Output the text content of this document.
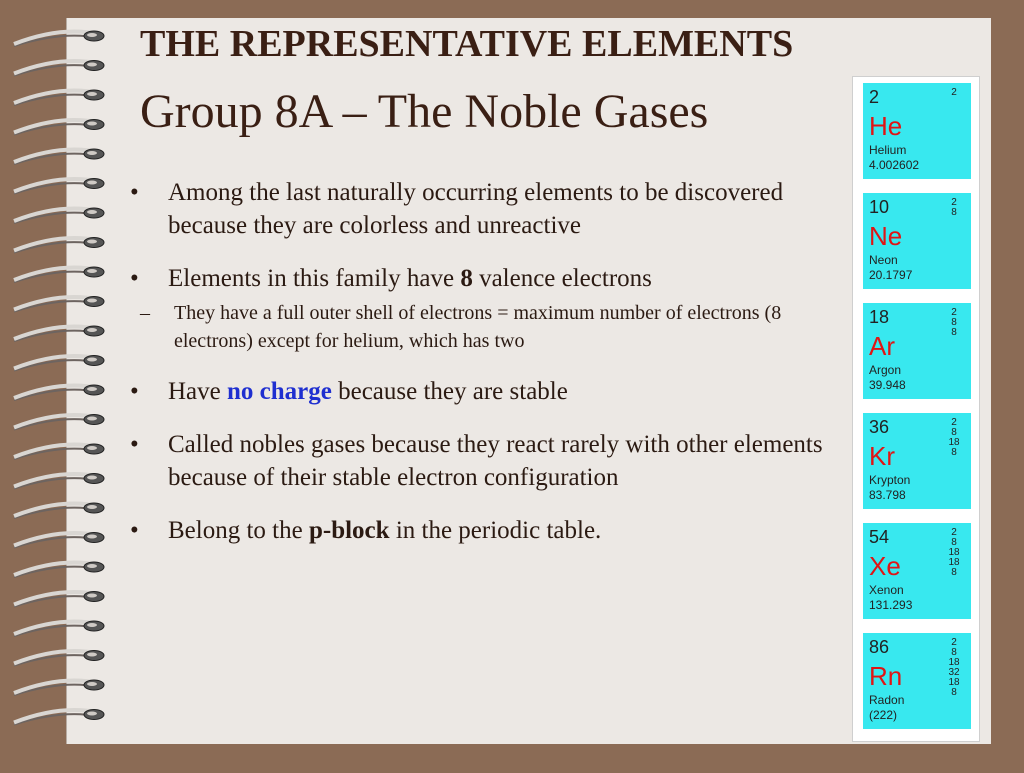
THE REPRESENTATIVE ELEMENTS
Group 8A – The Noble Gases
•	Among the last naturally occurring elements to be discovered because they are colorless and unreactive
•	Elements in this family have 8 valence electrons
– They have a full outer shell of electrons = maximum number of electrons (8 electrons) except for helium, which has two
•	Have no charge because they are stable
•	Called nobles gases because they react rarely with other elements because of their stable electron configuration
•	Belong to the p-block in the periodic table.
2
He
Helium
4.002602
2
10
Ne
Neon
20.1797
2
8
18
Ar
Argon
39.948
2
8
8
36
Kr
Krypton
83.798
2
8
18
8
54
Xe
Xenon
131.293
2
8
18
18
8
86
Rn
Radon
(222)
2
8
18
32
18
8
